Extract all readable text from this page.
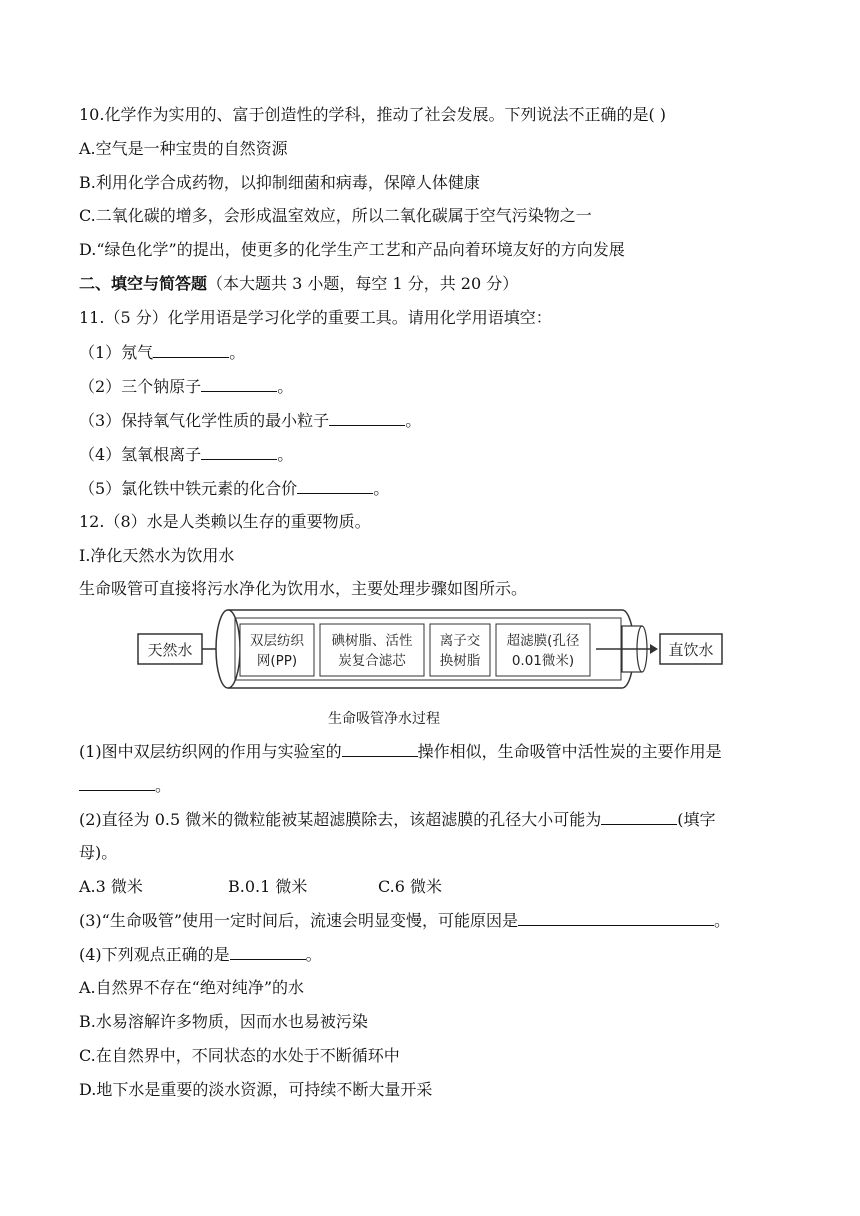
10.化学作为实用的、富于创造性的学科，推动了社会发展。下列说法不正确的是( )

A.空气是一种宝贵的自然资源

B.利用化学合成药物，以抑制细菌和病毒，保障人体健康

C.二氧化碳的增多，会形成温室效应，所以二氧化碳属于空气污染物之一

D.“绿色化学”的提出，使更多的化学生产工艺和产品向着环境友好的方向发展

二、填空与简答题（本大题共 3 小题，每空 1 分，共 20 分）

11.（5 分）化学用语是学习化学的重要工具。请用化学用语填空：

（1）氖气	。

（2）三个钠原子	。

（3）保持氧气化学性质的最小粒子	。

（4）氢氧根离子	。

（5）氯化铁中铁元素的化合价	。

12.（8）水是人类赖以生存的重要物质。

Ⅰ.净化天然水为饮用水

生命吸管可直接将污水净化为饮用水，主要处理步骤如图所示。

天然水	双层纺织
网(PP)
碘树脂、活性
炭复合滤芯
离子交
换树脂
超滤膜(孔径
0.01微米)
直饮水
生命吸管净水过程

(1)图中双层纺织网的作用与实验室的	操作相似，生命吸管中活性炭的主要作用是

。

(2)直径为 0.5 微米的微粒能被某超滤膜除去，该超滤膜的孔径大小可能为	(填字

母)。

A.3 微米	B.0.1 微米	C.6 微米

(3)“生命吸管”使用一定时间后，流速会明显变慢，可能原因是	。

(4)下列观点正确的是	。

A.自然界不存在“绝对纯净”的水

B.水易溶解许多物质，因而水也易被污染

C.在自然界中，不同状态的水处于不断循环中

D.地下水是重要的淡水资源，可持续不断大量开采
